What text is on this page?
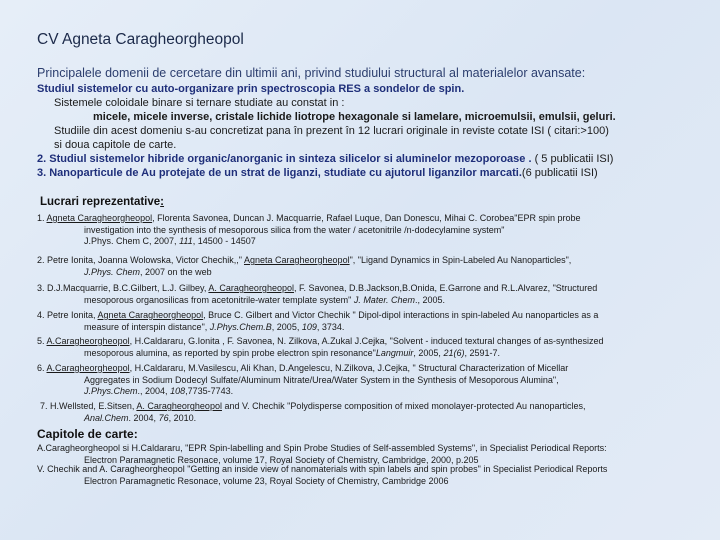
CV Agneta Caragheorgheopol
Principalele domenii de cercetare din ultimii ani, privind studiului structural al materialelor avansate:
Studiul sistemelor cu auto-organizare prin spectroscopia RES a sondelor de spin.
Sistemele coloidale binare si ternare studiate au constat in :
micele, micele inverse, cristale lichide liotrope hexagonale si lamelare, microemulsii, emulsii, geluri.
Studiile din acest domeniu s-au concretizat pana în prezent în 12 lucrari originale in reviste cotate ISI ( citari:>100)
si doua capitole de carte.
2. Studiul sistemelor hibride organic/anorganic in sinteza silicelor si aluminelor mezoporoase . ( 5 publicatii ISI)
3. Nanoparticule de Au protejate de un strat de liganzi, studiate cu ajutorul liganzilor marcati.(6 publicatii ISI)
Lucrari reprezentative:
1. Agneta Caragheorgheopol, Florenta Savonea, Duncan J. Macquarrie, Rafael Luque, Dan Donescu, Mihai C. Corobea"EPR spin probe
investigation into the synthesis of mesoporous silica from the water / acetonitrile /n-dodecylamine system"
J.Phys. Chem C, 2007, 111, 14500 - 14507
2. Petre Ionita, Joanna Wolowska, Victor Chechik,," Agneta Caragheorgheopol", "Ligand Dynamics in Spin-Labeled Au Nanoparticles",
J.Phys. Chem, 2007 on the web
3. D.J.Macquarrie, B.C.Gilbert, L.J. Gilbey, A. Caragheorgheopol, F. Savonea, D.B.Jackson,B.Onida, E.Garrone and R.L.Alvarez, "Structured
mesoporous organosilicas from acetonitrile-water template system" J. Mater. Chem., 2005.
4. Petre Ionita, Agneta Caragheorgheopol, Bruce C. Gilbert and Victor Chechik " Dipol-dipol interactions in spin-labeled Au nanoparticles as a
measure of interspin distance", J.Phys.Chem.B, 2005, 109, 3734.
5. A.Caragheorgheopol, H.Caldararu, G.Ionita , F. Savonea, N. Zilkova, A.Zukal J.Cejka, "Solvent - induced textural changes of as-synthesized
mesoporous alumina, as reported by spin probe electron spin resonance"Langmuir, 2005, 21(6), 2591-7.
6. A.Caragheorgheopol, H.Caldararu, M.Vasilescu, Ali Khan, D.Angelescu, N.Zilkova, J.Cejka, " Structural Characterization of Micellar
Aggregates in Sodium Dodecyl Sulfate/Aluminum Nitrate/Urea/Water System in the Synthesis of Mesoporous Alumina",
J.Phys.Chem., 2004, 108,7735-7743.
7. H.Wellsted, E.Sitsen, A. Caragheorgheopol and V. Chechik "Polydisperse composition of mixed monolayer-protected Au nanoparticles,
Anal.Chem. 2004, 76, 2010.
Capitole de carte:
A.Caragheorgheopol si H.Caldararu, "EPR Spin-labelling and Spin Probe Studies of Self-assembled Systems", in Specialist Periodical Reports:
Electron Paramagnetic Resonace, volume 17, Royal Society of Chemistry, Cambridge, 2000, p.205
V. Chechik and A. Caragheorgheopol "Getting an inside view of nanomaterials with spin labels and spin probes" in Specialist Periodical Reports
Electron Paramagnetic Resonace, volume 23, Royal Society of Chemistry, Cambridge 2006
